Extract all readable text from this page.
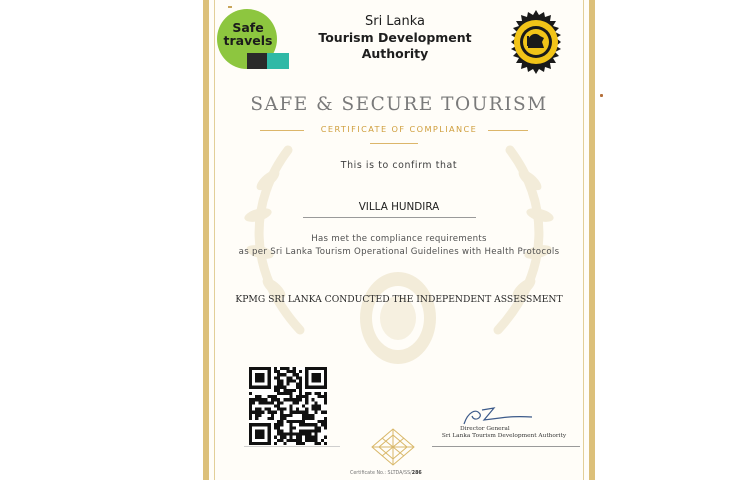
Safe
travels
Sri Lanka
Tourism Development Authority
SAFE & SECURE TOURISM
CERTIFICATE OF COMPLIANCE
This is to confirm that
VILLA HUNDIRA
Has met the compliance requirements
as per Sri Lanka Tourism Operational Guidelines with Health Protocols
KPMG SRI LANKA CONDUCTED THE INDEPENDENT ASSESSMENT
Director General
Sri Lanka Tourism Development Authority
Certificate No.: SLTDA/SS/286
